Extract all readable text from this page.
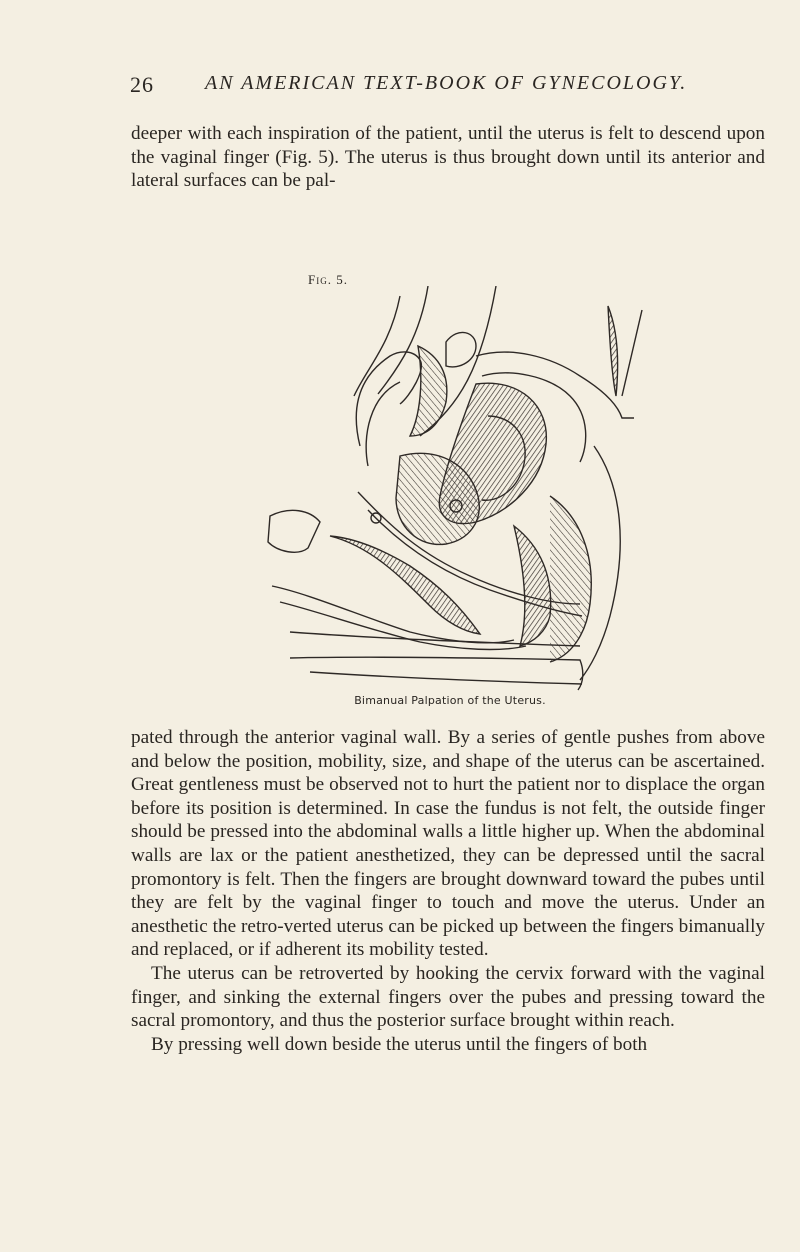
26	AN AMERICAN TEXT-BOOK OF GYNECOLOGY.

deeper with each inspiration of the patient, until the uterus is felt to descend upon the vaginal finger (Fig. 5). The uterus is thus brought down until its anterior and lateral surfaces can be pal-

Fig. 5.
Bimanual Palpation of the Uterus.

pated through the anterior vaginal wall. By a series of gentle pushes from above and below the position, mobility, size, and shape of the uterus can be ascertained. Great gentleness must be observed not to hurt the patient nor to displace the organ before its position is determined. In case the fundus is not felt, the outside finger should be pressed into the abdominal walls a little higher up. When the abdominal walls are lax or the patient anesthetized, they can be depressed until the sacral promontory is felt. Then the fingers are brought downward toward the pubes until they are felt by the vaginal finger to touch and move the uterus. Under an anesthetic the retro-verted uterus can be picked up between the fingers bimanually and replaced, or if adherent its mobility tested.

The uterus can be retroverted by hooking the cervix forward with the vaginal finger, and sinking the external fingers over the pubes and pressing toward the sacral promontory, and thus the posterior surface brought within reach.

By pressing well down beside the uterus until the fingers of both
